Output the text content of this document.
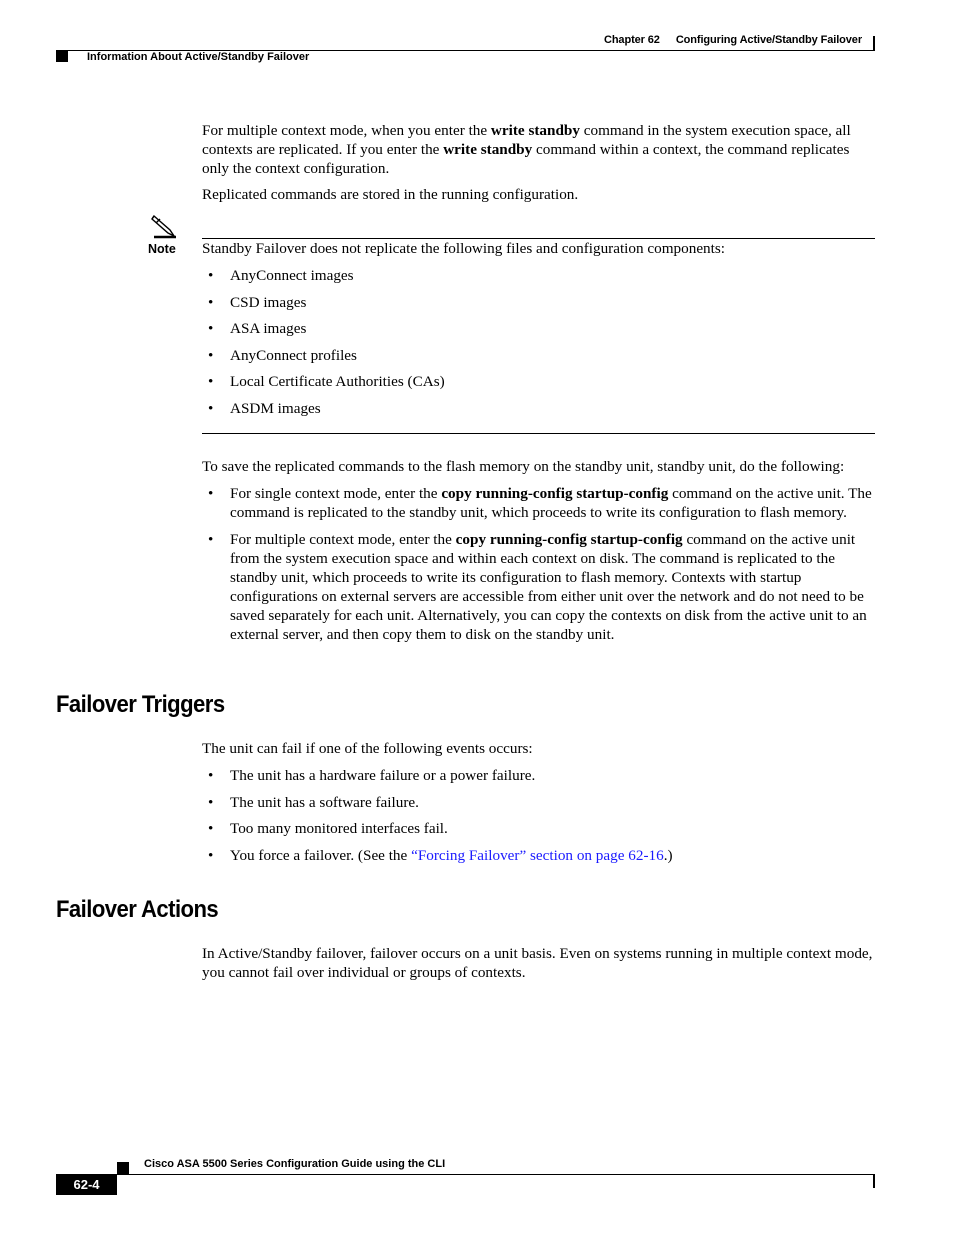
Chapter 62 Configuring Active/Standby Failover
Information About Active/Standby Failover
For multiple context mode, when you enter the write standby command in the system execution space, all contexts are replicated. If you enter the write standby command within a context, the command replicates only the context configuration.
Replicated commands are stored in the running configuration.
Note Standby Failover does not replicate the following files and configuration components:
• AnyConnect images
• CSD images
• ASA images
• AnyConnect profiles
• Local Certificate Authorities (CAs)
• ASDM images
To save the replicated commands to the flash memory on the standby unit, standby unit, do the following:
• For single context mode, enter the copy running-config startup-config command on the active unit. The command is replicated to the standby unit, which proceeds to write its configuration to flash memory.
• For multiple context mode, enter the copy running-config startup-config command on the active unit from the system execution space and within each context on disk. The command is replicated to the standby unit, which proceeds to write its configuration to flash memory. Contexts with startup configurations on external servers are accessible from either unit over the network and do not need to be saved separately for each unit. Alternatively, you can copy the contexts on disk from the active unit to an external server, and then copy them to disk on the standby unit.
Failover Triggers
The unit can fail if one of the following events occurs:
• The unit has a hardware failure or a power failure.
• The unit has a software failure.
• Too many monitored interfaces fail.
• You force a failover. (See the “Forcing Failover” section on page 62-16.)
Failover Actions
In Active/Standby failover, failover occurs on a unit basis. Even on systems running in multiple context mode, you cannot fail over individual or groups of contexts.
Cisco ASA 5500 Series Configuration Guide using the CLI
62-4
